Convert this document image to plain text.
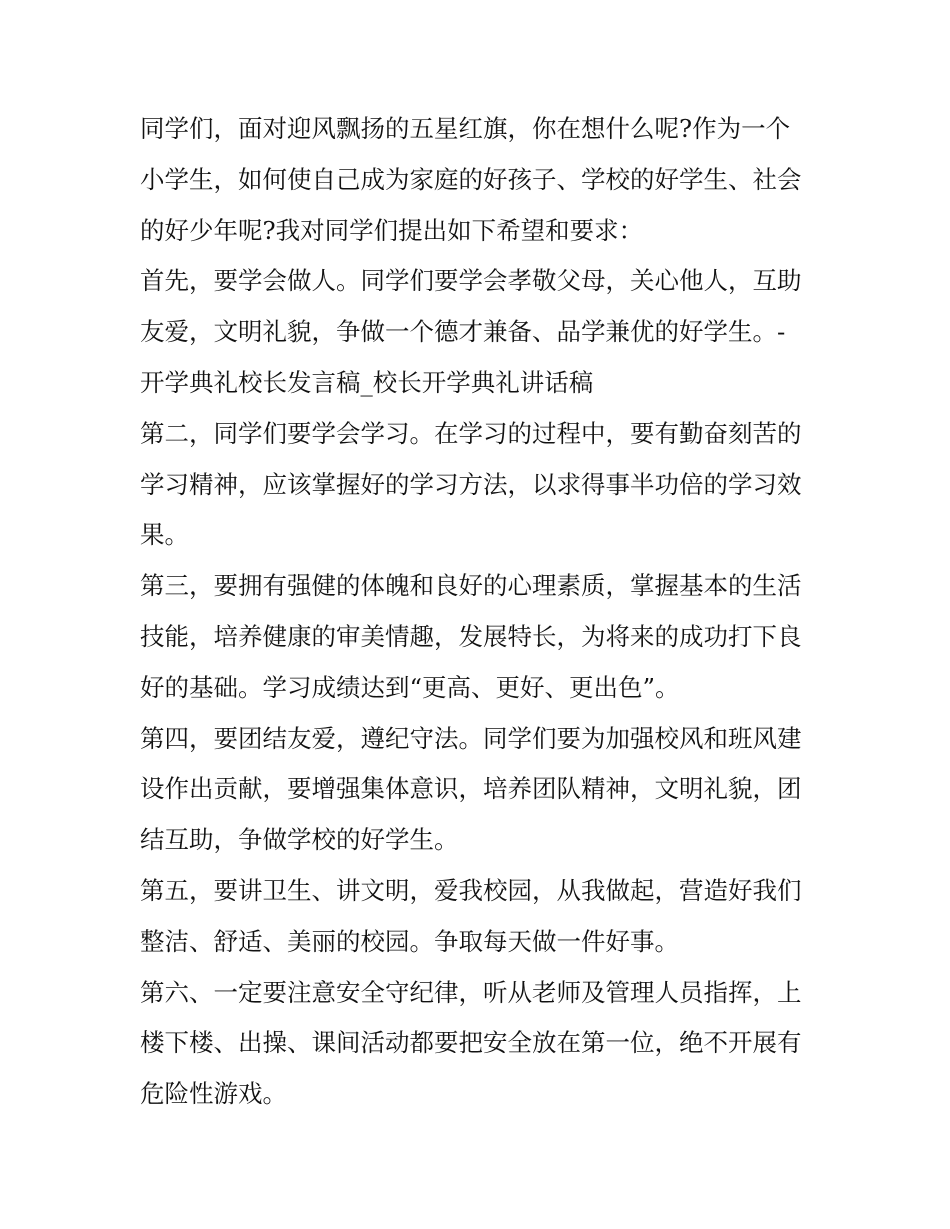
同学们，面对迎风飘扬的五星红旗，你在想什么呢?作为一个
小学生，如何使自己成为家庭的好孩子、学校的好学生、社会
的好少年呢?我对同学们提出如下希望和要求：
首先，要学会做人。同学们要学会孝敬父母，关心他人，互助
友爱，文明礼貌，争做一个德才兼备、品学兼优的好学生。-
开学典礼校长发言稿_校长开学典礼讲话稿
第二，同学们要学会学习。在学习的过程中，要有勤奋刻苦的
学习精神，应该掌握好的学习方法，以求得事半功倍的学习效
果。
第三，要拥有强健的体魄和良好的心理素质，掌握基本的生活
技能，培养健康的审美情趣，发展特长，为将来的成功打下良
好的基础。学习成绩达到“更高、更好、更出色”。
第四，要团结友爱，遵纪守法。同学们要为加强校风和班风建
设作出贡献，要增强集体意识，培养团队精神，文明礼貌，团
结互助，争做学校的好学生。
第五，要讲卫生、讲文明，爱我校园，从我做起，营造好我们
整洁、舒适、美丽的校园。争取每天做一件好事。
第六、一定要注意安全守纪律，听从老师及管理人员指挥，上
楼下楼、出操、课间活动都要把安全放在第一位，绝不开展有
危险性游戏。
